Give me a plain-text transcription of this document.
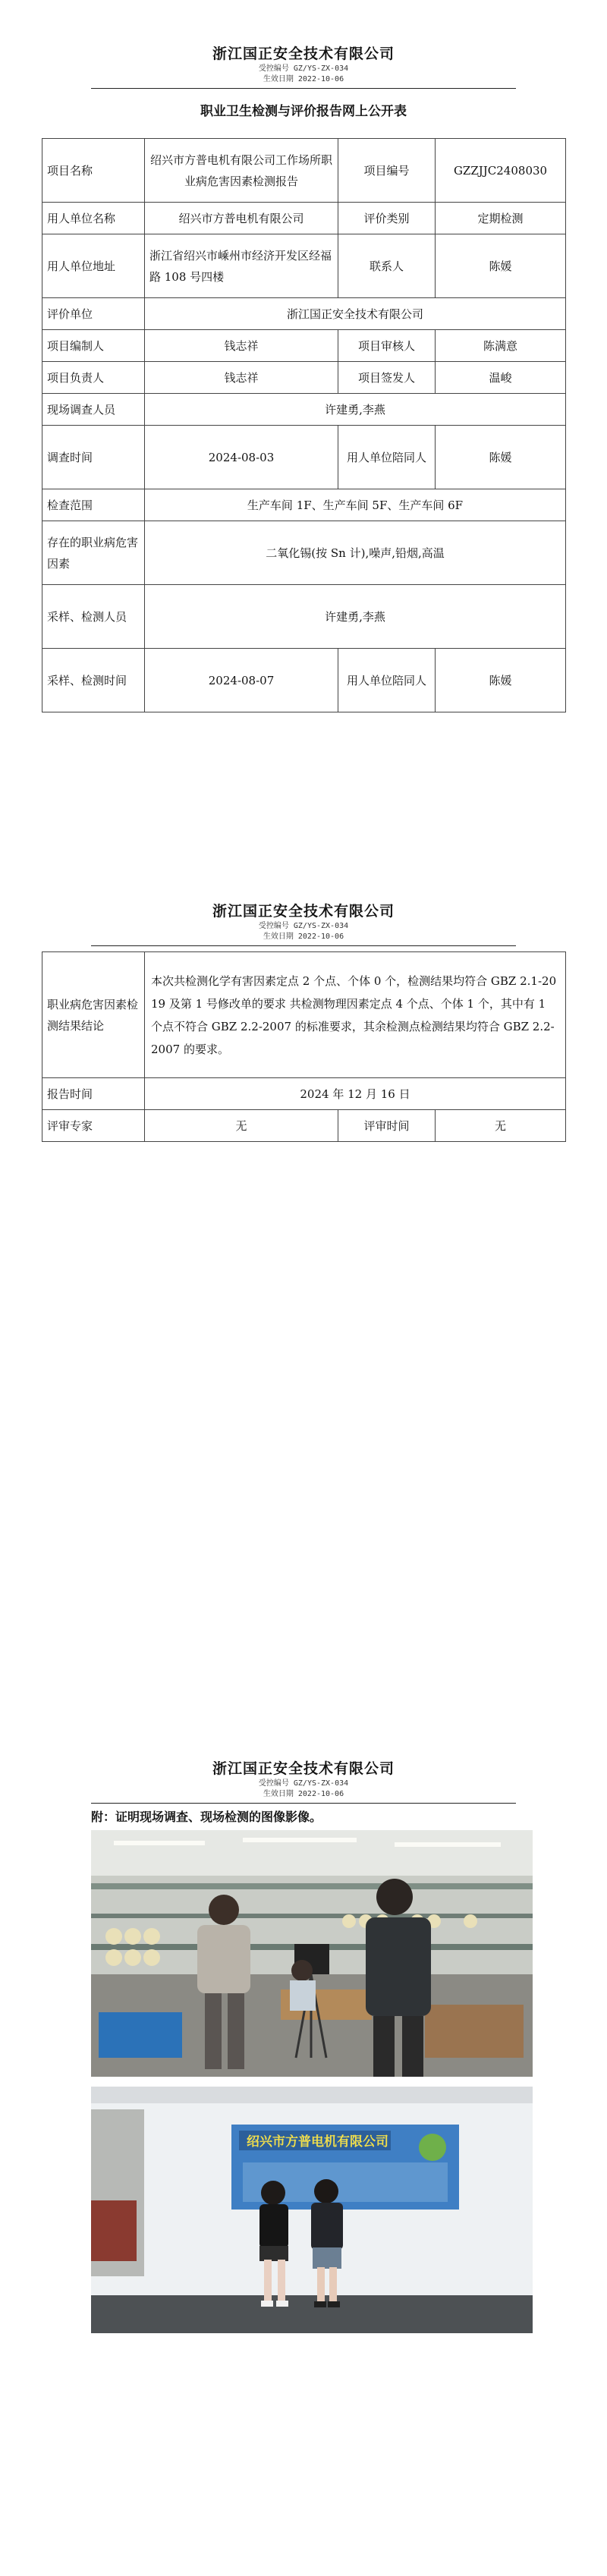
浙江国正安全技术有限公司
受控编号 GZ/YS-ZX-034
生效日期 2022-10-06
职业卫生检测与评价报告网上公开表
项目名称	绍兴市方普电机有限公司工作场所职业病危害因素检测报告	项目编号	GZZJJC2408030
用人单位名称	绍兴市方普电机有限公司	评价类别	定期检测
用人单位地址	浙江省绍兴市嵊州市经济开发区经福路 108 号四楼	联系人	陈媛
评价单位	浙江国正安全技术有限公司		
项目编制人	钱志祥	项目审核人	陈满意
项目负责人	钱志祥	项目签发人	温峻
现场调查人员	许建勇,李燕		
调查时间	2024-08-03	用人单位陪同人	陈媛
检查范围	生产车间 1F、生产车间 5F、生产车间 6F		
存在的职业病危害因素	二氧化锡(按 Sn 计),噪声,铅烟,高温		
采样、检测人员	许建勇,李燕		
采样、检测时间	2024-08-07	用人单位陪同人	陈媛
浙江国正安全技术有限公司
受控编号 GZ/YS-ZX-034
生效日期 2022-10-06
职业病危害因素检测结果结论	本次共检测化学有害因素定点 2 个点、个体 0 个，检测结果均符合 GBZ 2.1-2019 及第 1 号修改单的要求 共检测物理因素定点 4 个点、个体 1 个，其中有 1 个点不符合 GBZ 2.2-2007 的标准要求，其余检测点检测结果均符合 GBZ 2.2-2007 的要求。		
报告时间	2024 年 12 月 16 日		
评审专家	无	评审时间	无
浙江国正安全技术有限公司
受控编号 GZ/YS-ZX-034
生效日期 2022-10-06
附：证明现场调查、现场检测的图像影像。
绍兴市方普电机有限公司
